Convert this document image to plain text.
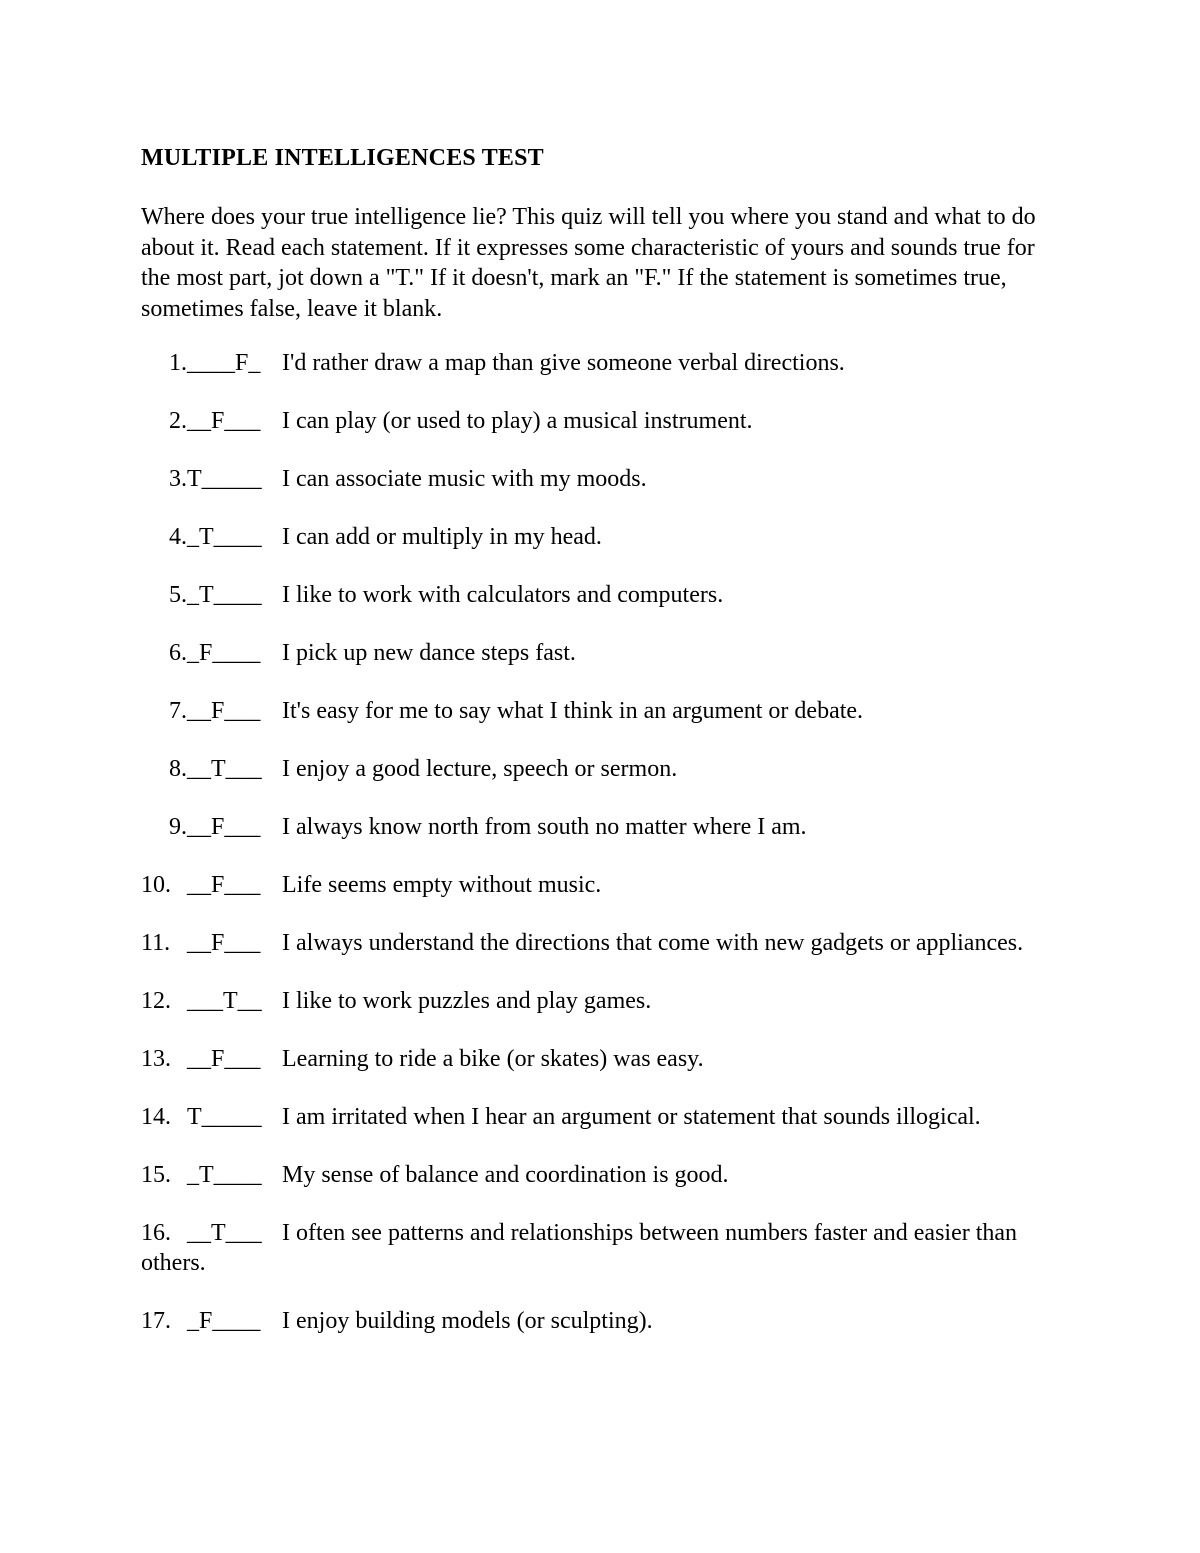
MULTIPLE INTELLIGENCES TEST

Where does your true intelligence lie? This quiz will tell you where you stand and what to do about it. Read each statement. If it expresses some characteristic of yours and sounds true for the most part, jot down a "T." If it doesn't, mark an "F." If the statement is sometimes true, sometimes false, leave it blank.

1.____F_ I'd rather draw a map than give someone verbal directions.
2.__F___ I can play (or used to play) a musical instrument.
3.T_____ I can associate music with my moods.
4._T____ I can add or multiply in my head.
5._T____ I like to work with calculators and computers.
6._F____ I pick up new dance steps fast.
7.__F___ It's easy for me to say what I think in an argument or debate.
8.__T___ I enjoy a good lecture, speech or sermon.
9.__F___ I always know north from south no matter where I am.
10. __F___ Life seems empty without music.
11. __F___ I always understand the directions that come with new gadgets or appliances.
12. ___T__ I like to work puzzles and play games.
13. __F___ Learning to ride a bike (or skates) was easy.
14. T_____ I am irritated when I hear an argument or statement that sounds illogical.
15. _T____ My sense of balance and coordination is good.
16. __T___ I often see patterns and relationships between numbers faster and easier than others.
17. _F____ I enjoy building models (or sculpting).
